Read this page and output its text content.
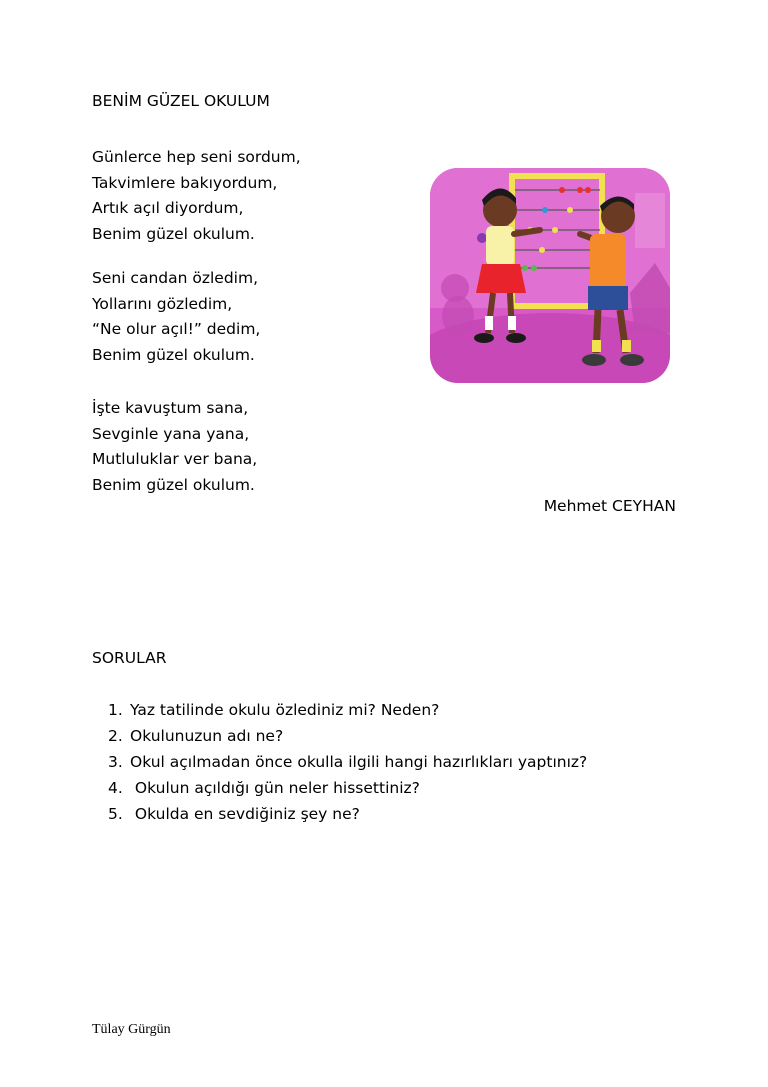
BENİM GÜZEL OKULUM
Günlerce hep seni sordum,
Takvimlere bakıyordum,
Artık açıl diyordum,
Benim güzel okulum.
Seni candan özledim,
Yollarını gözledim,
“Ne olur açıl!” dedim,
Benim güzel okulum.
İşte kavuştum sana,
Sevginle yana yana,
Mutluluklar ver bana,
Benim güzel okulum.
Mehmet CEYHAN
SORULAR
1. Yaz tatilinde okulu özlediniz mi? Neden?
2. Okulunuzun adı ne?
3. Okul açılmadan önce okulla ilgili hangi hazırlıkları yaptınız?
4. Okulun açıldığı gün neler hissettiniz?
5. Okulda en sevdiğiniz şey ne?
Tülay Gürgün
